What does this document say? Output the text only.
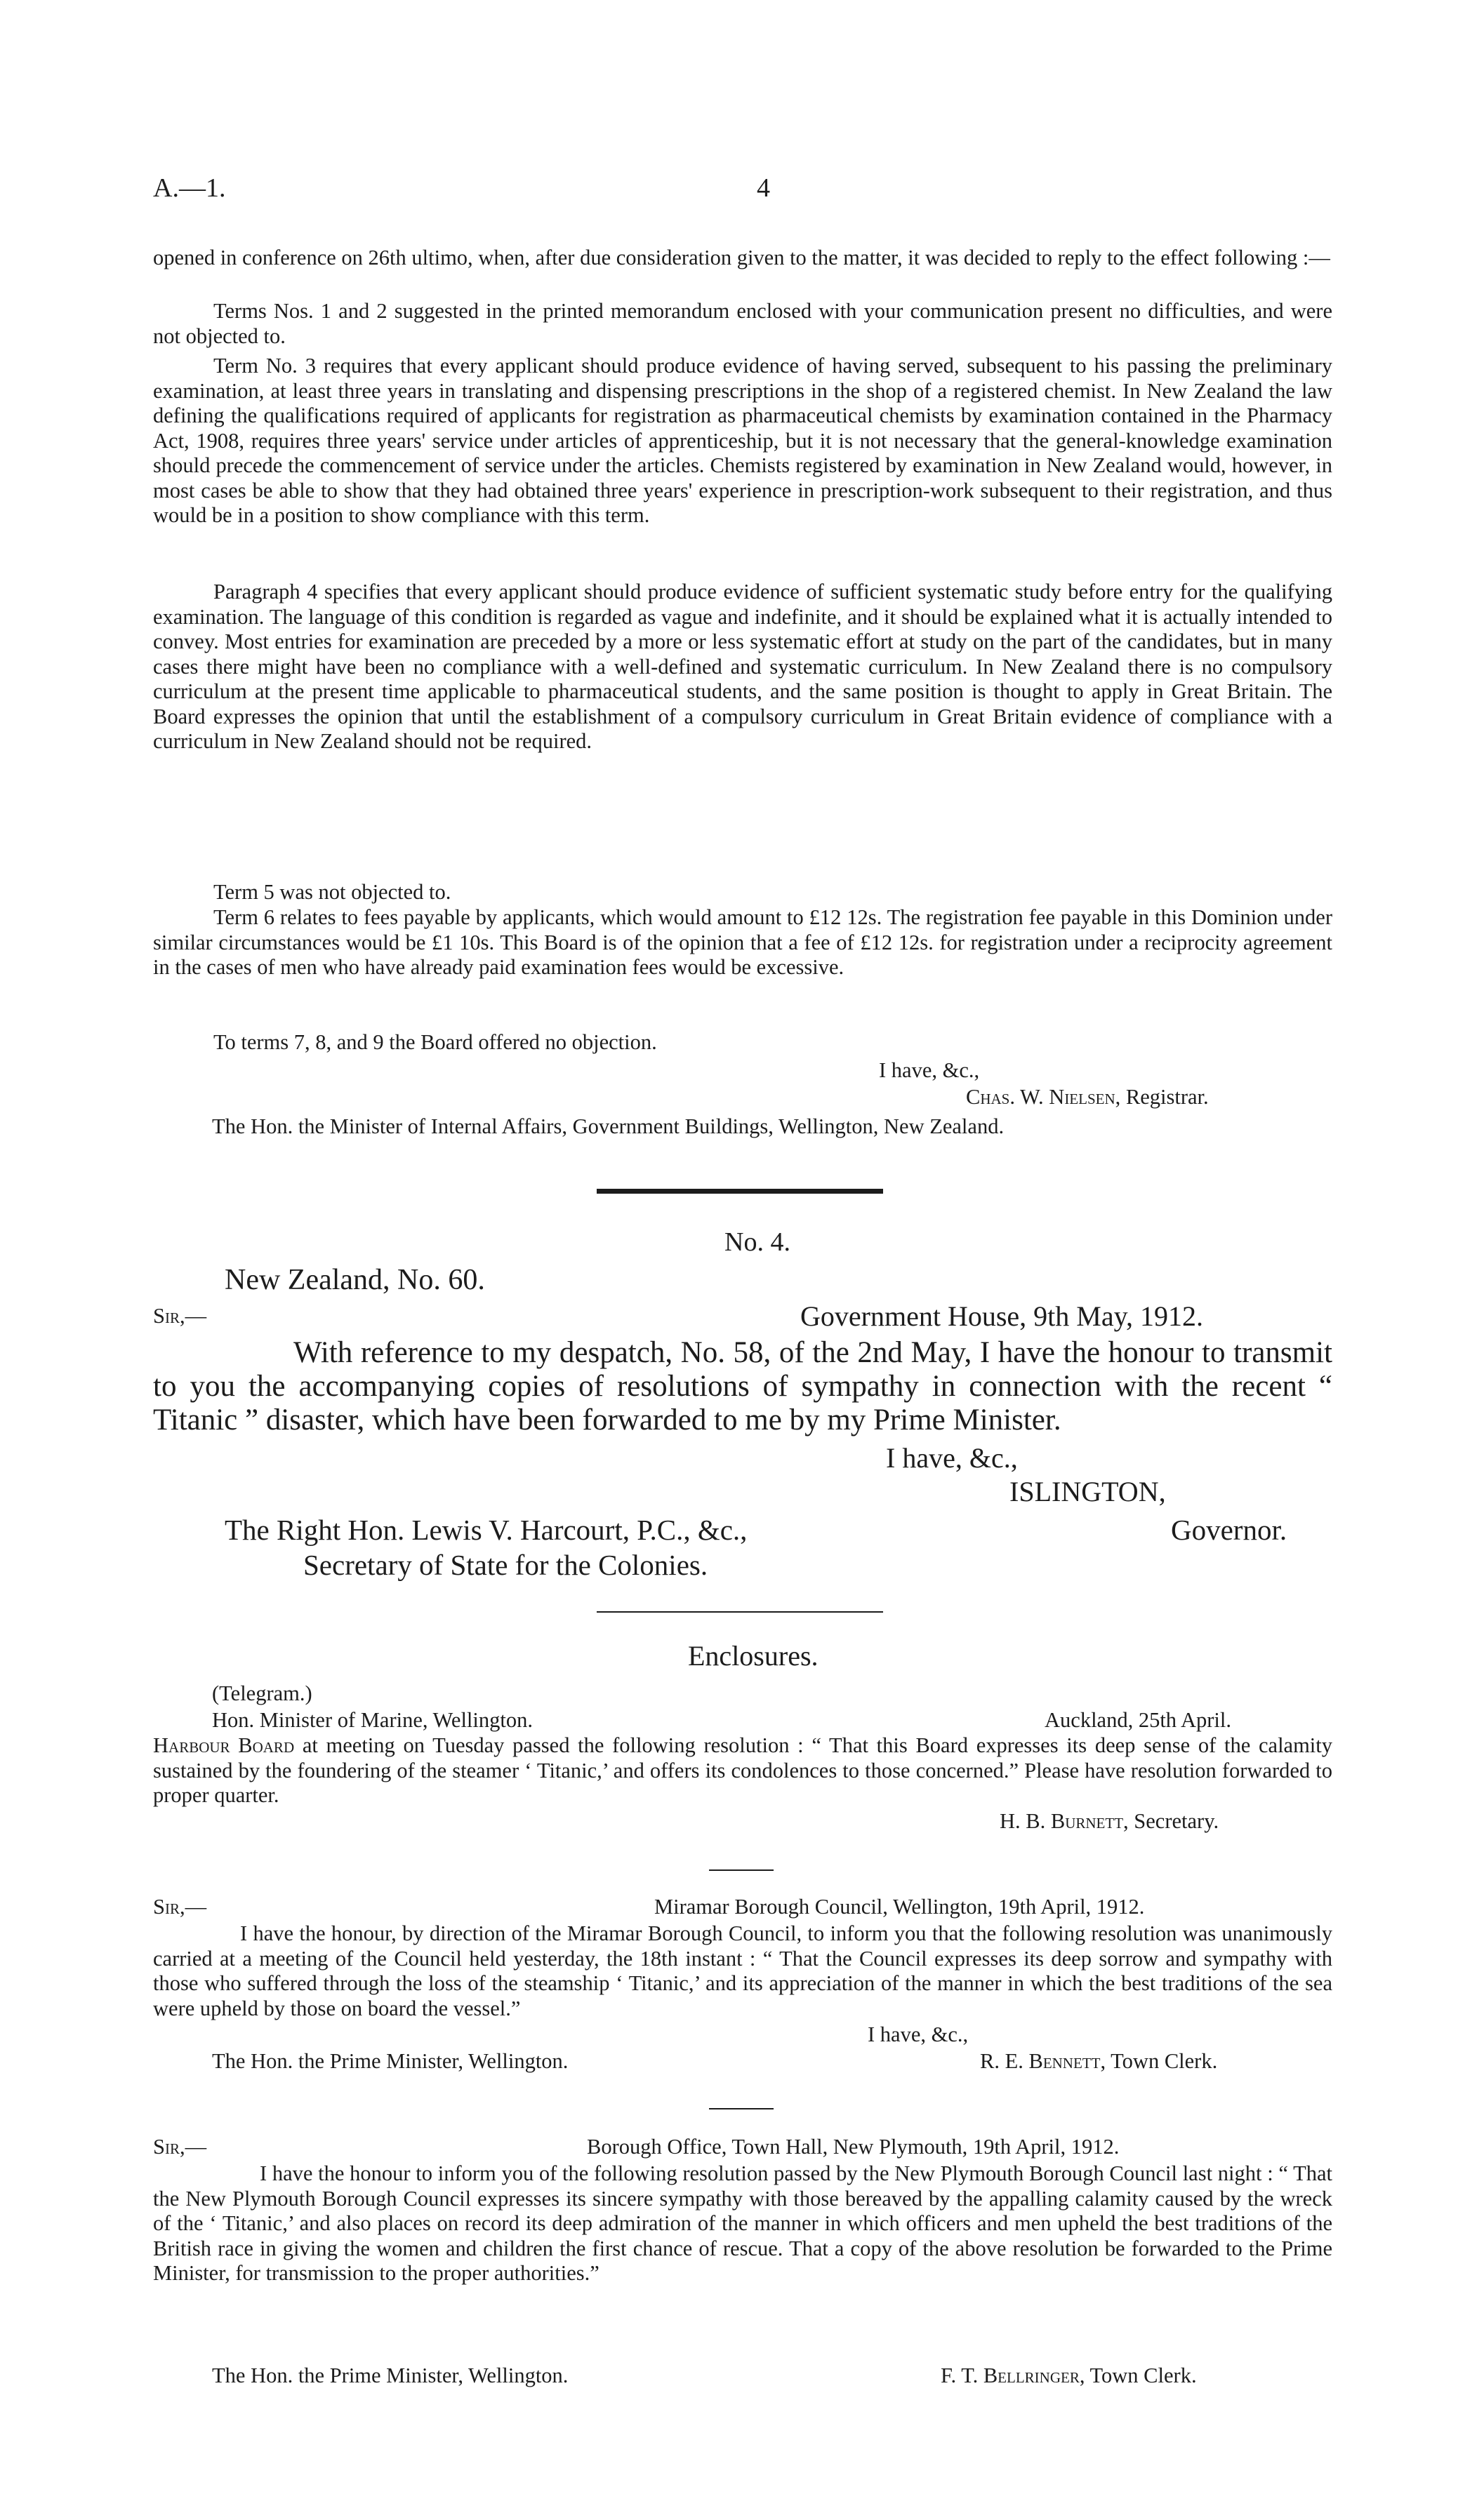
A.—1.	4
opened in conference on 26th ultimo, when, after due consideration given to the matter, it was decided to reply to the effect following :—
Terms Nos. 1 and 2 suggested in the printed memorandum enclosed with your communication present no difficulties, and were not objected to.
Term No. 3 requires that every applicant should produce evidence of having served, subsequent to his passing the preliminary examination, at least three years in translating and dispensing prescriptions in the shop of a registered chemist. In New Zealand the law defining the qualifications required of applicants for registration as pharmaceutical chemists by examination contained in the Pharmacy Act, 1908, requires three years' service under articles of apprenticeship, but it is not necessary that the general-knowledge examination should precede the commencement of service under the articles. Chemists registered by examination in New Zealand would, however, in most cases be able to show that they had obtained three years' experience in prescription-work subsequent to their registration, and thus would be in a position to show compliance with this term.
Paragraph 4 specifies that every applicant should produce evidence of sufficient systematic study before entry for the qualifying examination. The language of this condition is regarded as vague and indefinite, and it should be explained what it is actually intended to convey. Most entries for examination are preceded by a more or less systematic effort at study on the part of the candidates, but in many cases there might have been no compliance with a well-defined and systematic curriculum. In New Zealand there is no compulsory curriculum at the present time applicable to pharmaceutical students, and the same position is thought to apply in Great Britain. The Board expresses the opinion that until the establishment of a compulsory curriculum in Great Britain evidence of compliance with a curriculum in New Zealand should not be required.
Term 5 was not objected to.
Term 6 relates to fees payable by applicants, which would amount to £12 12s. The registration fee payable in this Dominion under similar circumstances would be £1 10s. This Board is of the opinion that a fee of £12 12s. for registration under a reciprocity agreement in the cases of men who have already paid examination fees would be excessive.
To terms 7, 8, and 9 the Board offered no objection.
I have, &c.,
Chas. W. Nielsen, Registrar.
The Hon. the Minister of Internal Affairs, Government Buildings, Wellington, New Zealand.
No. 4.
New Zealand, No. 60.
Sir,—	Government House, 9th May, 1912.
With reference to my despatch, No. 58, of the 2nd May, I have the honour to transmit to you the accompanying copies of resolutions of sympathy in connection with the recent “ Titanic ” disaster, which have been forwarded to me by my Prime Minister.
I have, &c.,
ISLINGTON,
The Right Hon. Lewis V. Harcourt, P.C., &c.,	Governor.
Secretary of State for the Colonies.
Enclosures.
(Telegram.)
Hon. Minister of Marine, Wellington.	Auckland, 25th April.
Harbour Board at meeting on Tuesday passed the following resolution : “ That this Board expresses its deep sense of the calamity sustained by the foundering of the steamer ‘ Titanic,’ and offers its condolences to those concerned.” Please have resolution forwarded to proper quarter.
H. B. Burnett, Secretary.
Sir,—	Miramar Borough Council, Wellington, 19th April, 1912.
I have the honour, by direction of the Miramar Borough Council, to inform you that the following resolution was unanimously carried at a meeting of the Council held yesterday, the 18th instant : “ That the Council expresses its deep sorrow and sympathy with those who suffered through the loss of the steamship ‘ Titanic,’ and its appreciation of the manner in which the best traditions of the sea were upheld by those on board the vessel.”
I have, &c.,
The Hon. the Prime Minister, Wellington.	R. E. Bennett, Town Clerk.
Sir,—	Borough Office, Town Hall, New Plymouth, 19th April, 1912.
I have the honour to inform you of the following resolution passed by the New Plymouth Borough Council last night : “ That the New Plymouth Borough Council expresses its sincere sympathy with those bereaved by the appalling calamity caused by the wreck of the ‘ Titanic,’ and also places on record its deep admiration of the manner in which officers and men upheld the best traditions of the British race in giving the women and children the first chance of rescue. That a copy of the above resolution be forwarded to the Prime Minister, for transmission to the proper authorities.”
The Hon. the Prime Minister, Wellington.	F. T. Bellringer, Town Clerk.
